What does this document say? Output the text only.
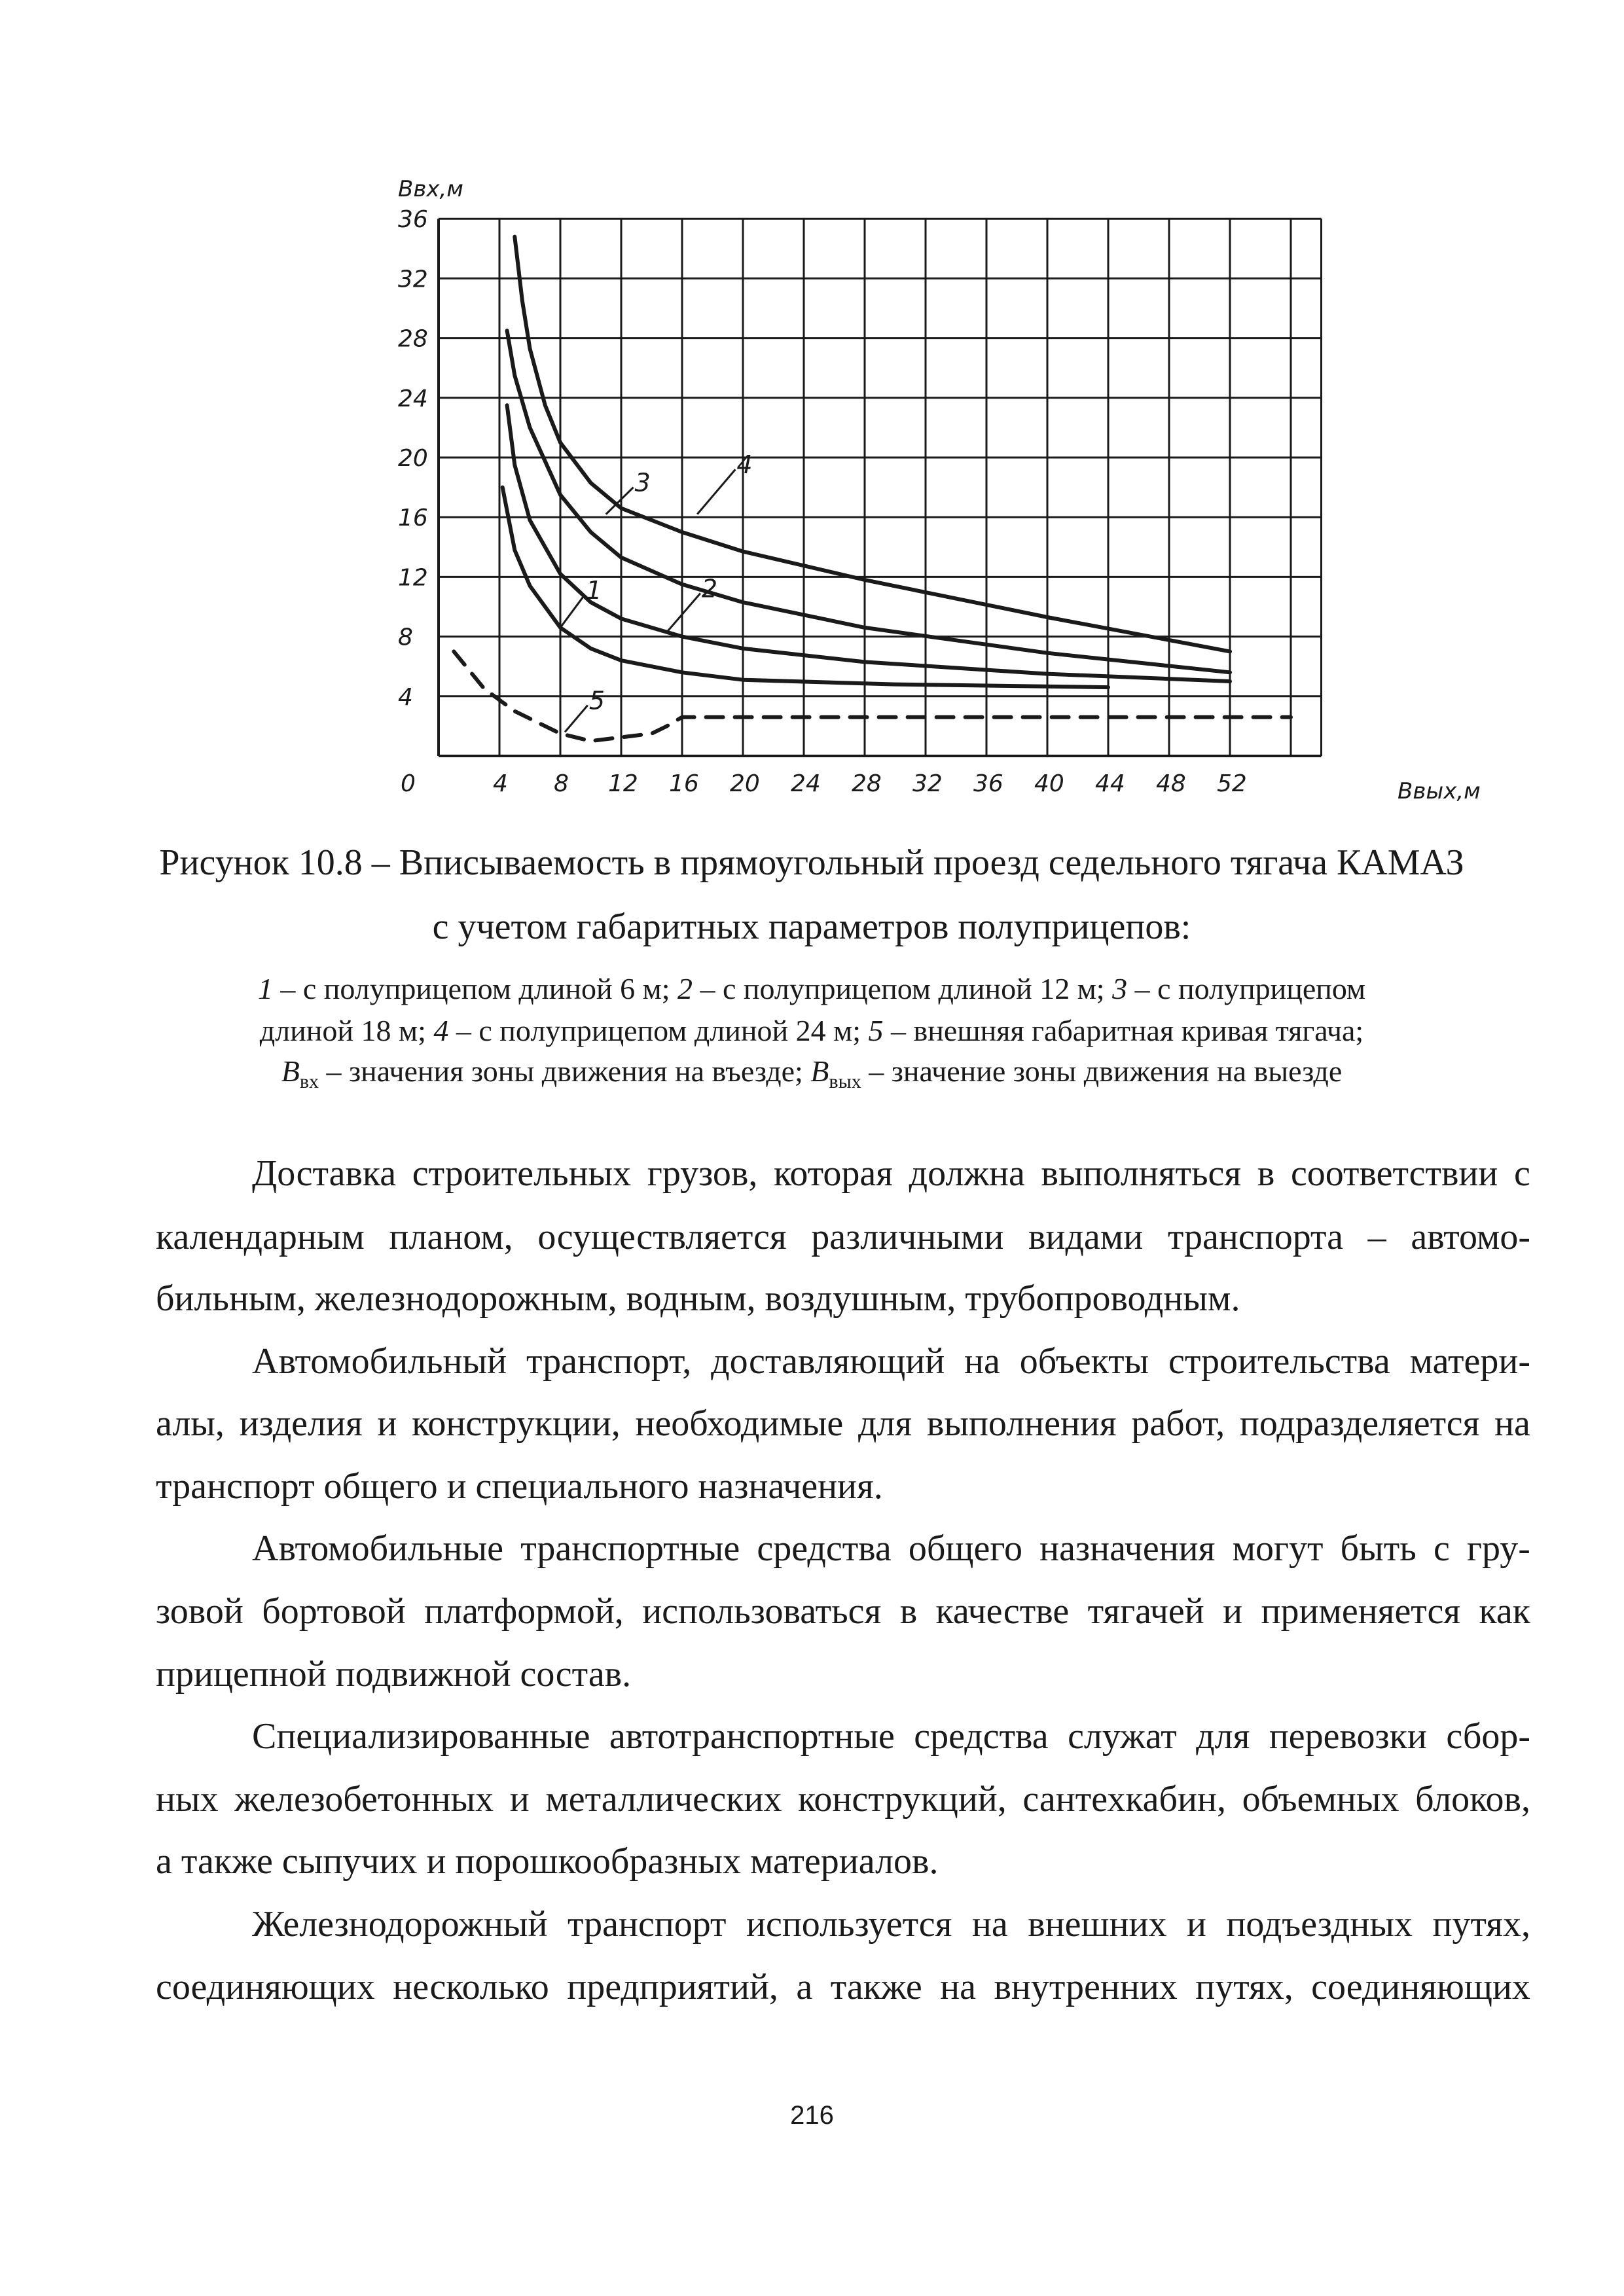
36
32
28
24
20
16
12
8
4
0	4 8 12 16 20 24 28 32 36 40 44 48 52
1	2
3
4
5
Bвх,м
Bвых,м
Рисунок 10.8 – Вписываемость в прямоугольный проезд седельного тягача КАМАЗ
с учетом габаритных параметров полуприцепов:
1 – с полуприцепом длиной 6 м; 2 – с полуприцепом длиной 12 м; 3 – с полуприцепом
длиной 18 м; 4 – с полуприцепом длиной 24 м; 5 – внешняя габаритная кривая тягача;
$B_{вх}$ – значения зоны движения на въезде; $B_{вых}$ – значение зоны движения на выезде
Доставка строительных грузов, которая должна выполняться в соответствии с
календарным планом, осуществляется различными видами транспорта – автомо-
бильным, железнодорожным, водным, воздушным, трубопроводным.
Автомобильный транспорт, доставляющий на объекты строительства матери-
алы, изделия и конструкции, необходимые для выполнения работ, подразделяется на
транспорт общего и специального назначения.
Автомобильные транспортные средства общего назначения могут быть с гру-
зовой бортовой платформой, использоваться в качестве тягачей и применяется как
прицепной подвижной состав.
Специализированные автотранспортные средства служат для перевозки сбор-
ных железобетонных и металлических конструкций, сантехкабин, объемных блоков,
а также сыпучих и порошкообразных материалов.
Железнодорожный транспорт используется на внешних и подъездных путях,
соединяющих несколько предприятий, а также на внутренних путях, соединяющих
216
